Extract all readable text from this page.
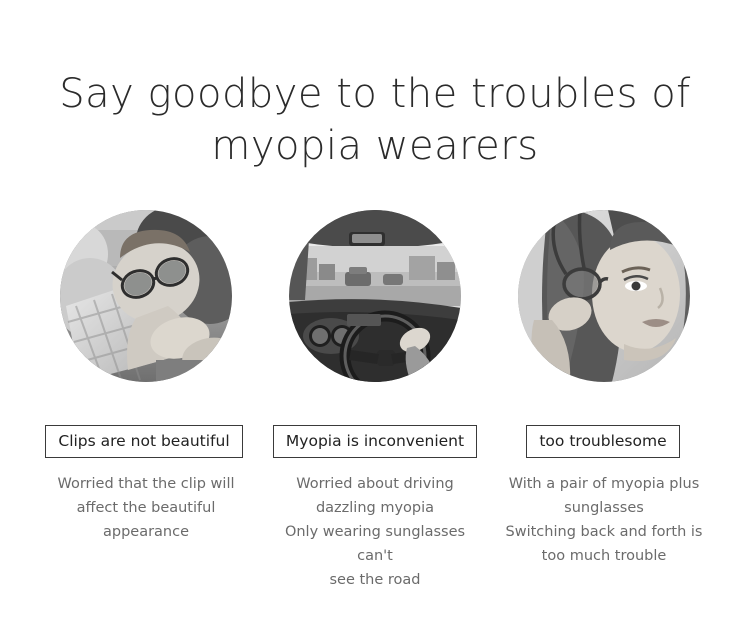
Say goodbye to the troubles of
myopia wearers
Clips are not beautiful
Worried that the clip will
affect the beautiful
appearance
Myopia is inconvenient
Worried about driving
dazzling myopia
Only wearing sunglasses can't
see the road
too troublesome
With a pair of myopia plus
sunglasses
Switching back and forth is
too much trouble
